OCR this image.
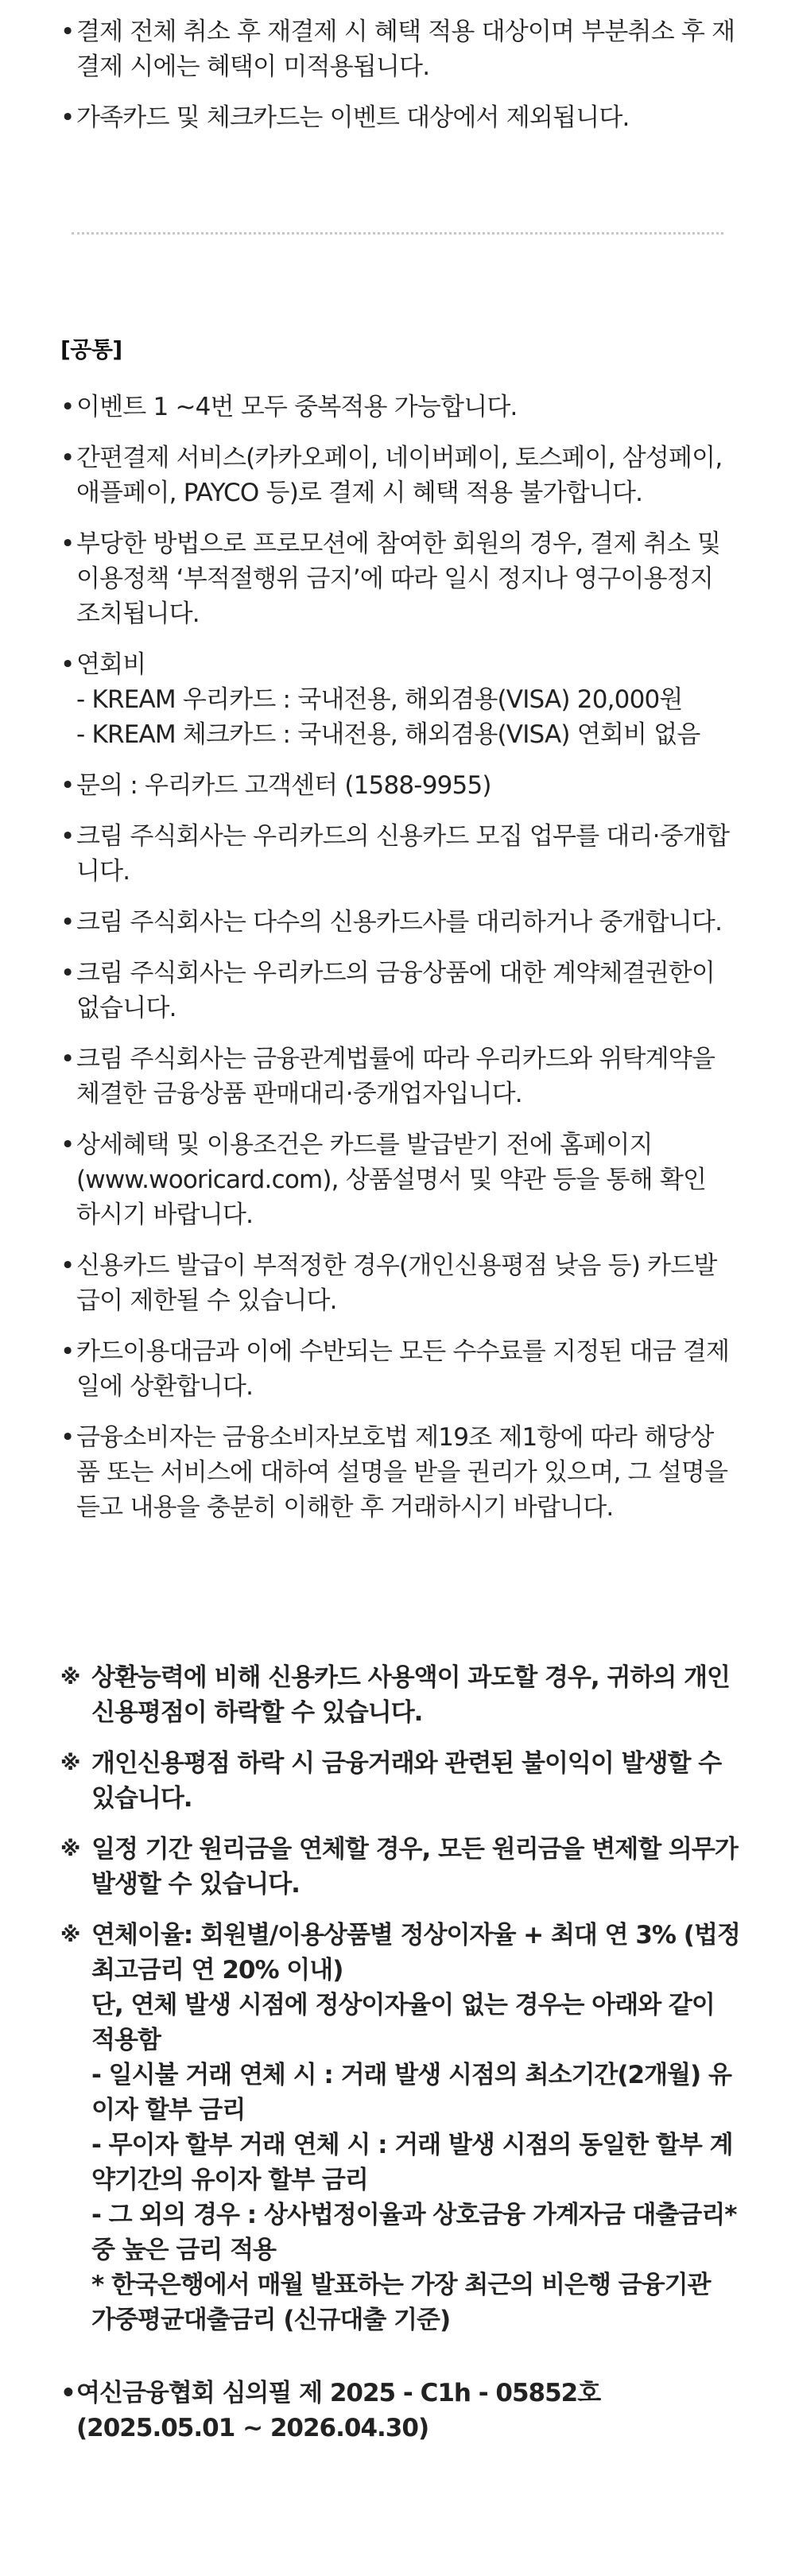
• 결제 전체 취소 후 재결제 시 혜택 적용 대상이며 부분취소 후 재
결제 시에는 혜택이 미적용됩니다.
• 가족카드 및 체크카드는 이벤트 대상에서 제외됩니다.
[공통]
• 이벤트 1 ~4번 모두 중복적용 가능합니다.
• 간편결제 서비스(카카오페이, 네이버페이, 토스페이, 삼성페이,
애플페이, PAYCO 등)로 결제 시 혜택 적용 불가합니다.
• 부당한 방법으로 프로모션에 참여한 회원의 경우, 결제 취소 및
이용정책 ‘부적절행위 금지’에 따라 일시 정지나 영구이용정지
조치됩니다.
• 연회비
- KREAM 우리카드 : 국내전용, 해외겸용(VISA) 20,000원
- KREAM 체크카드 : 국내전용, 해외겸용(VISA) 연회비 없음
• 문의 : 우리카드 고객센터 (1588-9955)
• 크림 주식회사는 우리카드의 신용카드 모집 업무를 대리·중개합
니다.
• 크림 주식회사는 다수의 신용카드사를 대리하거나 중개합니다.
• 크림 주식회사는 우리카드의 금융상품에 대한 계약체결권한이
없습니다.
• 크림 주식회사는 금융관계법률에 따라 우리카드와 위탁계약을
체결한 금융상품 판매대리·중개업자입니다.
• 상세혜택 및 이용조건은 카드를 발급받기 전에 홈페이지
(www.wooricard.com), 상품설명서 및 약관 등을 통해 확인
하시기 바랍니다.
• 신용카드 발급이 부적정한 경우(개인신용평점 낮음 등) 카드발
급이 제한될 수 있습니다.
• 카드이용대금과 이에 수반되는 모든 수수료를 지정된 대금 결제
일에 상환합니다.
• 금융소비자는 금융소비자보호법 제19조 제1항에 따라 해당상
품 또는 서비스에 대하여 설명을 받을 권리가 있으며, 그 설명을
듣고 내용을 충분히 이해한 후 거래하시기 바랍니다.
※ 상환능력에 비해 신용카드 사용액이 과도할 경우, 귀하의 개인
신용평점이 하락할 수 있습니다.
※ 개인신용평점 하락 시 금융거래와 관련된 불이익이 발생할 수
있습니다.
※ 일정 기간 원리금을 연체할 경우, 모든 원리금을 변제할 의무가
발생할 수 있습니다.
※ 연체이율: 회원별/이용상품별 정상이자율 + 최대 연 3% (법정
최고금리 연 20% 이내)
단, 연체 발생 시점에 정상이자율이 없는 경우는 아래와 같이
적용함
- 일시불 거래 연체 시 : 거래 발생 시점의 최소기간(2개월) 유
이자 할부 금리
- 무이자 할부 거래 연체 시 : 거래 발생 시점의 동일한 할부 계
약기간의 유이자 할부 금리
- 그 외의 경우 : 상사법정이율과 상호금융 가계자금 대출금리*
중 높은 금리 적용
* 한국은행에서 매월 발표하는 가장 최근의 비은행 금융기관
가중평균대출금리 (신규대출 기준)
• 여신금융협회 심의필 제 2025 - C1h - 05852호
(2025.05.01 ~ 2026.04.30)
